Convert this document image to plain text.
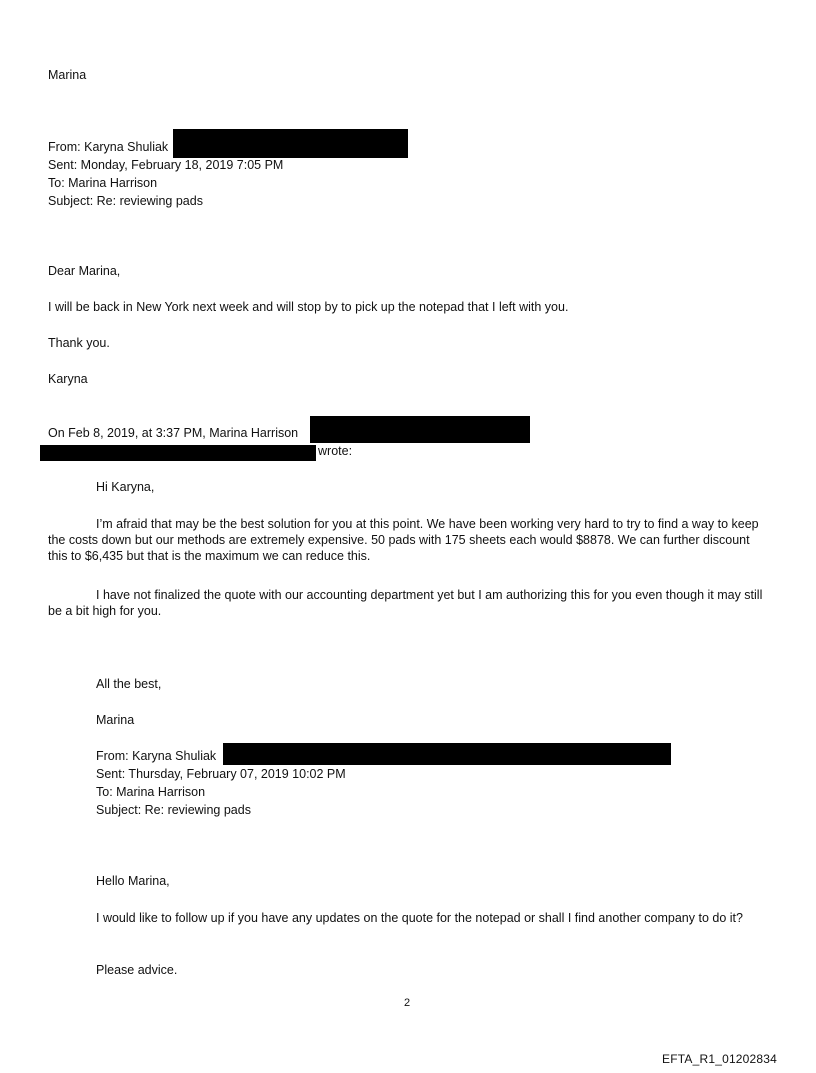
Marina
From: Karyna Shuliak
Sent: Monday, February 18, 2019 7:05 PM
To: Marina Harrison
Subject: Re: reviewing pads
Dear Marina,
I will be back in New York next week and will stop by to pick up the notepad that I left with you.
Thank you.
Karyna
On Feb 8, 2019, at 3:37 PM, Marina Harrison
wrote:
Hi Karyna,
I’m afraid that may be the best solution for you at this point. We have been working very hard to try to find a way to keep the costs down but our methods are extremely expensive. 50 pads with 175 sheets each would $8878. We can further discount this to $6,435 but that is the maximum we can reduce this.
I have not finalized the quote with our accounting department yet but I am authorizing this for you even though it may still be a bit high for you.
All the best,
Marina
From: Karyna Shuliak
Sent: Thursday, February 07, 2019 10:02 PM
To: Marina Harrison
Subject: Re: reviewing pads
Hello Marina,
I would like to follow up if you have any updates on the quote for the notepad or shall I find another company to do it?
Please advice.
2
EFTA_R1_01202834
